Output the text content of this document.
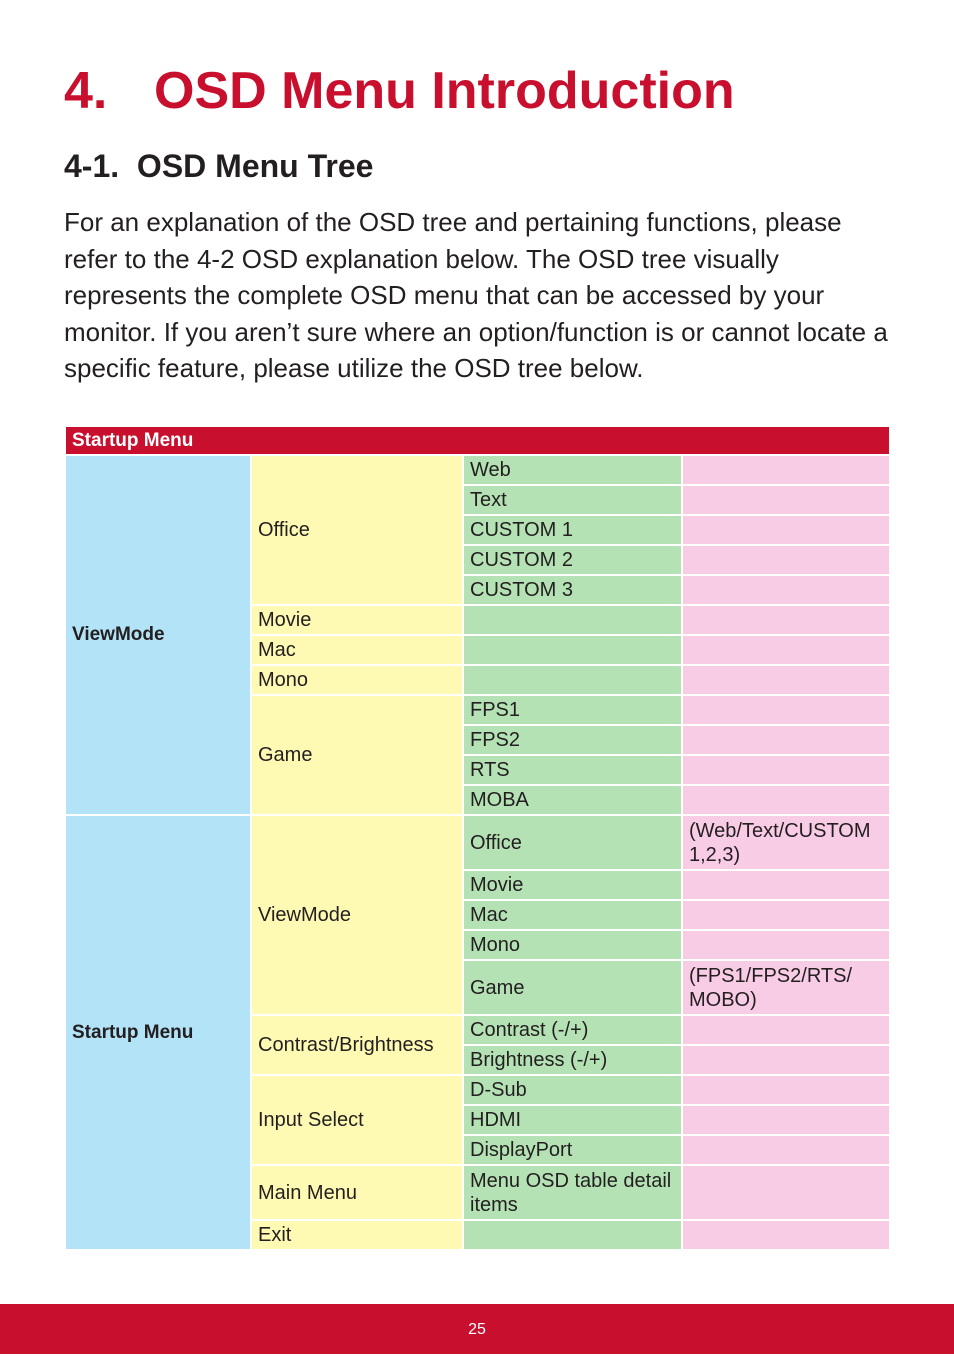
4. OSD Menu Introduction
4-1.  OSD Menu Tree

For an explanation of the OSD tree and pertaining functions, please refer to the 4-2 OSD explanation below. The OSD tree visually represents the complete OSD menu that can be accessed by your monitor. If you aren’t sure where an option/function is or cannot locate a specific feature, please utilize the OSD tree below.

Startup Menu			
ViewMode	Office	Web	
		Text	
		CUSTOM 1	
		CUSTOM 2	
		CUSTOM 3	
	Movie		
	Mac		
	Mono		
	Game	FPS1	
		FPS2	
		RTS	
		MOBA	
Startup Menu	ViewMode	Office	(Web/Text/CUSTOM 1,2,3)
		Movie	
		Mac	
		Mono	
		Game	(FPS1/FPS2/RTS/ MOBO)
	Contrast/Brightness	Contrast (-/+)	
		Brightness (-/+)	
	Input Select	D-Sub	
		HDMI	
		DisplayPort	
	Main Menu	Menu OSD table detail items	
	Exit		
25
